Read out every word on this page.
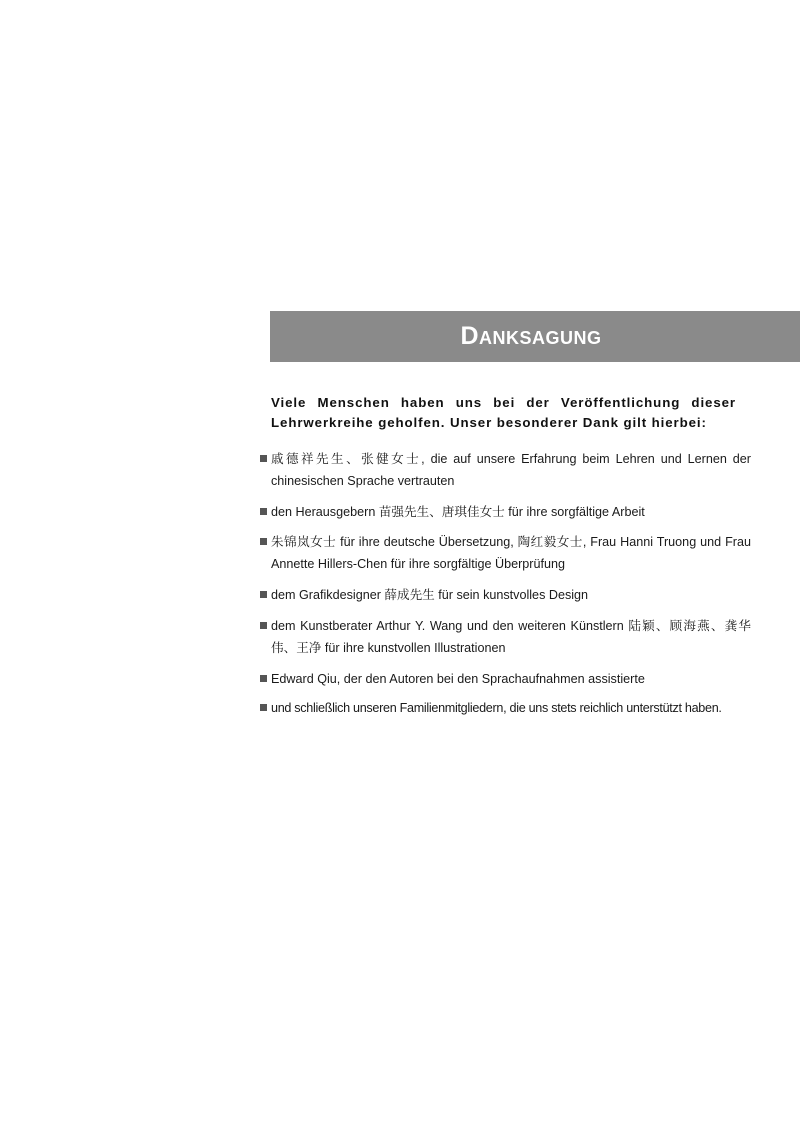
Danksagung
Viele Menschen haben uns bei der Veröffentlichung dieser Lehrwerkreihe geholfen. Unser besonderer Dank gilt hierbei:
戚德祥先生、张健女士, die auf unsere Erfahrung beim Lehren und Lernen der chinesischen Sprache vertrauten
den Herausgebern 苗强先生、唐琪佳女士 für ihre sorgfältige Arbeit
朱锦岚女士 für ihre deutsche Übersetzung, 陶红毅女士, Frau Hanni Truong und Frau Annette Hillers-Chen für ihre sorgfältige Überprüfung
dem Grafikdesigner 薛成先生 für sein kunstvolles Design
dem Kunstberater Arthur Y. Wang und den weiteren Künstlern 陆颖、顾海燕、龚华伟、王净 für ihre kunstvollen Illustrationen
Edward Qiu, der den Autoren bei den Sprachaufnahmen assistierte
und schließlich unseren Familienmitgliedern, die uns stets reichlich unterstützt haben.
